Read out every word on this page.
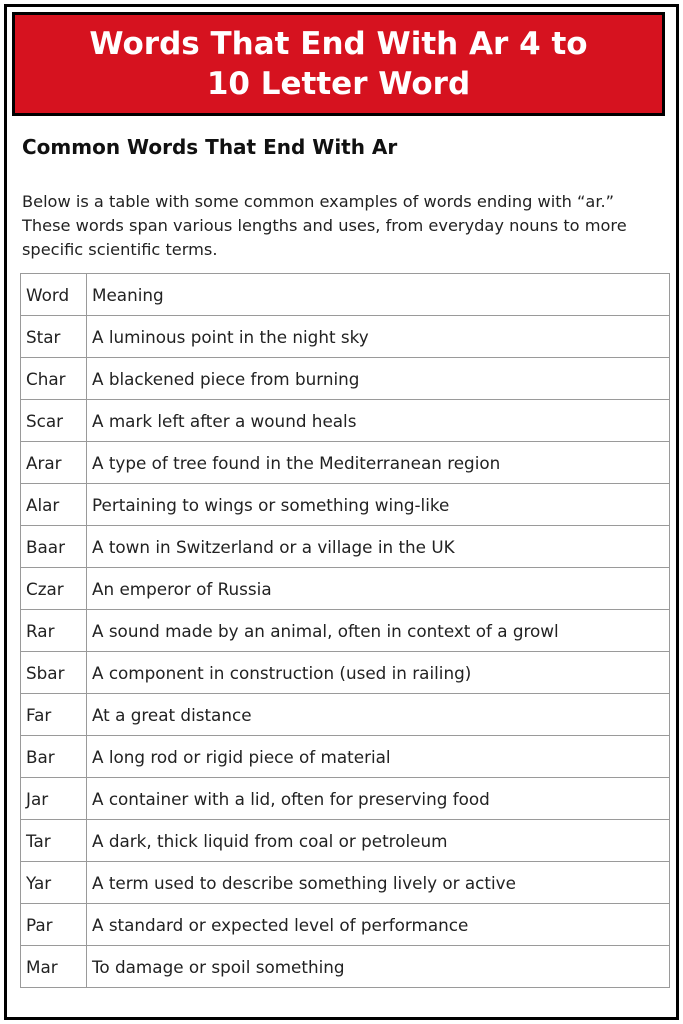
Words That End With Ar 4 to
10 Letter Word
Common Words That End With Ar

Below is a table with some common examples of words ending with “ar.” These words span various lengths and uses, from everyday nouns to more specific scientific terms.

Word	Meaning
Star	A luminous point in the night sky
Char	A blackened piece from burning
Scar	A mark left after a wound heals
Arar	A type of tree found in the Mediterranean region
Alar	Pertaining to wings or something wing-like
Baar	A town in Switzerland or a village in the UK
Czar	An emperor of Russia
Rar	A sound made by an animal, often in context of a growl
Sbar	A component in construction (used in railing)
Far	At a great distance
Bar	A long rod or rigid piece of material
Jar	A container with a lid, often for preserving food
Tar	A dark, thick liquid from coal or petroleum
Yar	A term used to describe something lively or active
Par	A standard or expected level of performance
Mar	To damage or spoil something
